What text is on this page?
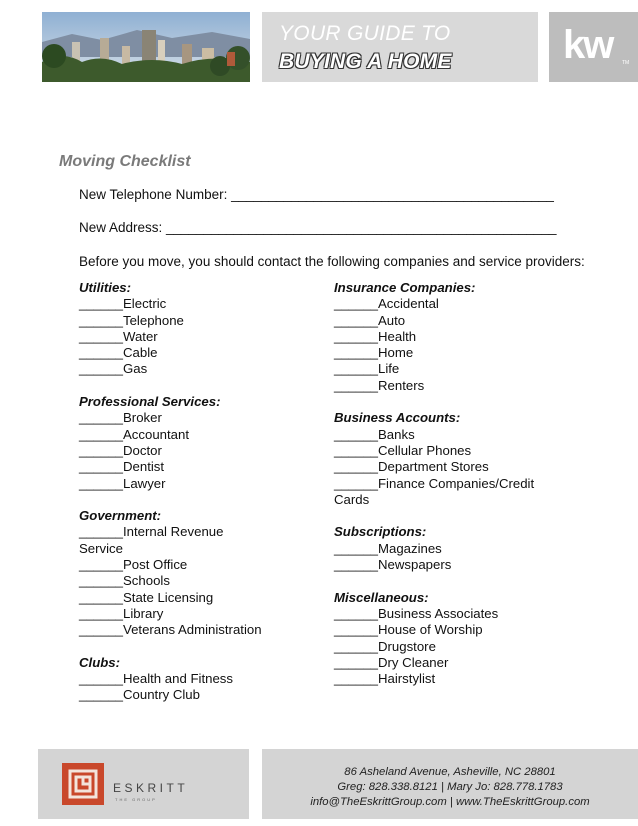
YOUR GUIDE TO
BUYING A HOME	kw TM
Moving Checklist
New Telephone Number: ___________________________________________
New Address: ____________________________________________________
Before you move, you should contact the following companies and service providers:
Utilities:
______Electric
______Telephone
______Water
______Cable
______Gas
Professional Services:
______Broker
______Accountant
______Doctor
______Dentist
______Lawyer
Government:
______Internal Revenue
Service
______Post Office
______Schools
______State Licensing
______Library
______Veterans Administration
Clubs:
______Health and Fitness
______Country Club
Insurance Companies:
______Accidental
______Auto
______Health
______Home
______Life
______Renters
Business Accounts:
______Banks
______Cellular Phones
______Department Stores
______Finance Companies/Credit
Cards
Subscriptions:
______Magazines
______Newspapers
Miscellaneous:
______Business Associates
______House of Worship
______Drugstore
______Dry Cleaner
______Hairstylist
ESKRITT
THE GROUP
86 Asheland Avenue, Asheville, NC 28801
Greg: 828.338.8121 | Mary Jo: 828.778.1783
info@TheEskrittGroup.com | www.TheEskrittGroup.com
